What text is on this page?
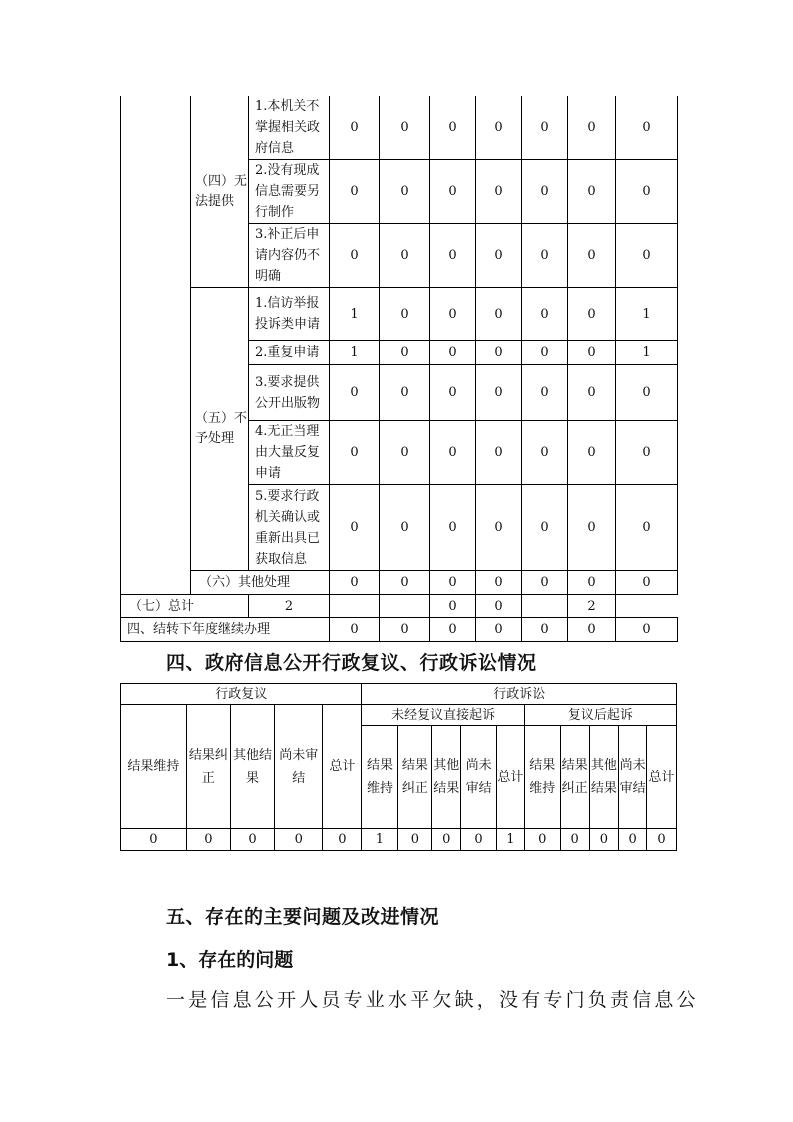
	（四）无法提供	1.本机关不掌握相关政府信息	0	0	0	0	0	0	0
		2.没有现成信息需要另行制作	0	0	0	0	0	0	0
		3.补正后申请内容仍不明确	0	0	0	0	0	0	0
	（五）不予处理	1.信访举报投诉类申请	1	0	0	0	0	0	1
		2.重复申请	1	0	0	0	0	0	1
		3.要求提供公开出版物	0	0	0	0	0	0	0
		4.无正当理由大量反复申请	0	0	0	0	0	0	0
		5.要求行政机关确认或重新出具已获取信息	0	0	0	0	0	0	0
	（六）其他处理		0	0	0	0	0	0	0
（七）总计		2			0	0		2	
四、结转下年度继续办理			0	0	0	0	0	0	0
四、政府信息公开行政复议、行政诉讼情况
行政复议					行政诉讼									
结果维持	结果纠正	其他结果	尚未审结	总计	未经复议直接起诉					复议后起诉				
					结果维持	结果纠正	其他结果	尚未审结	总计	结果维持	结果纠正	其他结果	尚未审结	总计
0	0	0	0	0	1	0	0	0	1	0	0	0	0	0
五、存在的主要问题及改进情况
1、存在的问题
一是信息公开人员专业水平欠缺，没有专门负责信息公
